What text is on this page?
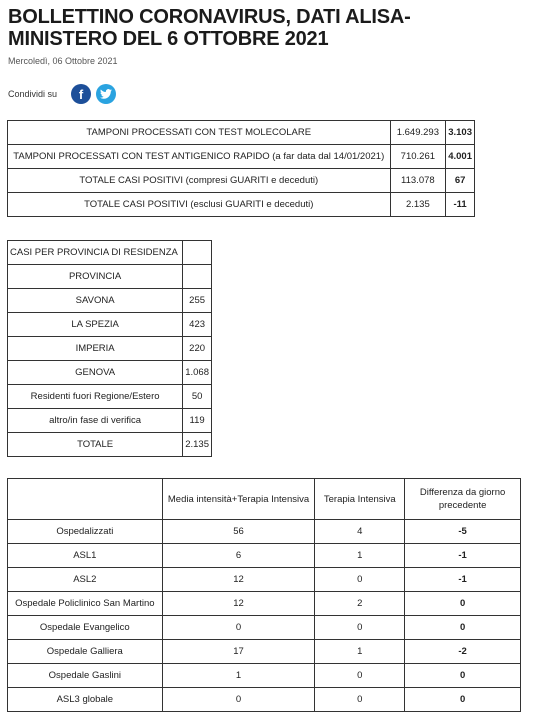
BOLLETTINO CORONAVIRUS, DATI ALISA-MINISTERO DEL 6 OTTOBRE 2021
Mercoledì, 06 Ottobre 2021
Condividi su	f
TAMPONI PROCESSATI CON TEST MOLECOLARE	1.649.293	3.103
TAMPONI PROCESSATI CON TEST ANTIGENICO RAPIDO (a far data dal 14/01/2021)	710.261	4.001
TOTALE CASI POSITIVI (compresi GUARITI e deceduti)	113.078	67
TOTALE CASI POSITIVI (esclusi GUARITI e deceduti)	2.135	-11
CASI PER PROVINCIA DI RESIDENZA	
PROVINCIA	
SAVONA	255
LA SPEZIA	423
IMPERIA	220
GENOVA	1.068
Residenti fuori Regione/Estero	50
altro/in fase di verifica	119
TOTALE	2.135
	Media intensità+Terapia Intensiva	Terapia Intensiva	Differenza da giorno precedente
Ospedalizzati	56	4	-5
ASL1	6	1	-1
ASL2	12	0	-1
Ospedale Policlinico San Martino	12	2	0
Ospedale Evangelico	0	0	0
Ospedale Galliera	17	1	-2
Ospedale Gaslini	1	0	0
ASL3 globale	0	0	0
